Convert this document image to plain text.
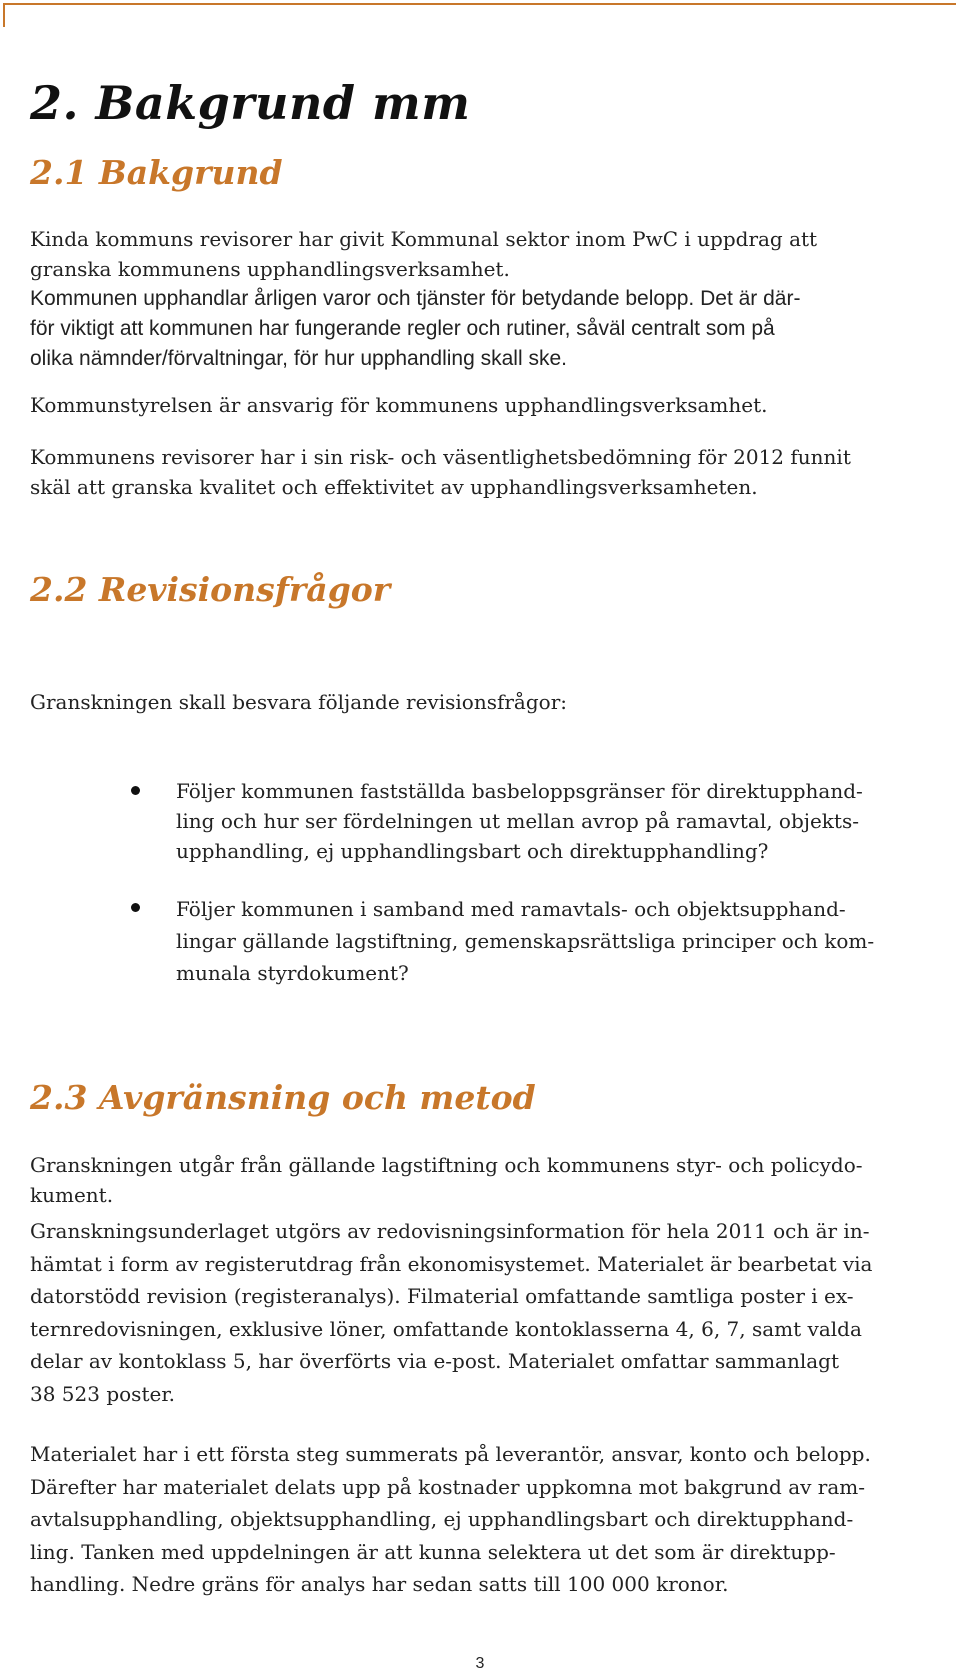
2. Bakgrund mm
2.1 Bakgrund

Kinda kommuns revisorer har givit Kommunal sektor inom PwC i uppdrag att
granska kommunens upphandlingsverksamhet.

Kommunen upphandlar årligen varor och tjänster för betydande belopp. Det är där-
för viktigt att kommunen har fungerande regler och rutiner, såväl centralt som på
olika nämnder/förvaltningar, för hur upphandling skall ske.

Kommunstyrelsen är ansvarig för kommunens upphandlingsverksamhet.

Kommunens revisorer har i sin risk- och väsentlighetsbedömning för 2012 funnit
skäl att granska kvalitet och effektivitet av upphandlingsverksamheten.

2.2 Revisionsfrågor

Granskningen skall besvara följande revisionsfrågor:

Följer kommunen fastställda basbeloppsgränser för direktupphand-
ling och hur ser fördelningen ut mellan avrop på ramavtal, objekts-
upphandling, ej upphandlingsbart och direktupphandling?
Följer kommunen i samband med ramavtals- och objektsupphand-
lingar gällande lagstiftning, gemenskapsrättsliga principer och kom-
munala styrdokument?
2.3 Avgränsning och metod

Granskningen utgår från gällande lagstiftning och kommunens styr- och policydo-
kument.

Granskningsunderlaget utgörs av redovisningsinformation för hela 2011 och är in-
hämtat i form av registerutdrag från ekonomisystemet. Materialet är bearbetat via
datorstödd revision (registeranalys). Filmaterial omfattande samtliga poster i ex-
ternredovisningen, exklusive löner, omfattande kontoklasserna 4, 6, 7, samt valda
delar av kontoklass 5, har överförts via e-post. Materialet omfattar sammanlagt
38 523 poster.

Materialet har i ett första steg summerats på leverantör, ansvar, konto och belopp.
Därefter har materialet delats upp på kostnader uppkomna mot bakgrund av ram-
avtalsupphandling, objektsupphandling, ej upphandlingsbart och direktupphand-
ling. Tanken med uppdelningen är att kunna selektera ut det som är direktupp-
handling. Nedre gräns för analys har sedan satts till 100 000 kronor.

3
